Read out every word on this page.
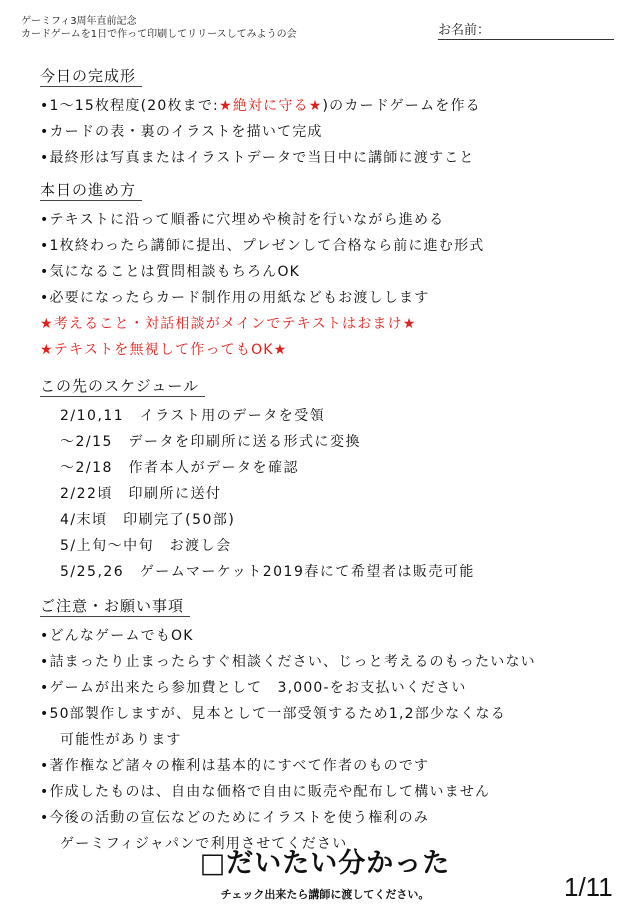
ゲーミフィ3周年直前記念
カードゲームを1日で作って印刷してリリースしてみようの会	お名前：
今日の完成形
•1〜15枚程度(20枚まで:★絶対に守る★)のカードゲームを作る
•カードの表・裏のイラストを描いて完成
•最終形は写真またはイラストデータで当日中に講師に渡すこと
本日の進め方
•テキストに沿って順番に穴埋めや検討を行いながら進める
•1枚終わったら講師に提出、プレゼンして合格なら前に進む形式
•気になることは質問相談もちろんOK
•必要になったらカード制作用の用紙などもお渡しします
★考えること・対話相談がメインでテキストはおまけ★
★テキストを無視して作ってもOK★
この先のスケジュール
2/10,11　イラスト用のデータを受領
〜2/15　データを印刷所に送る形式に変換
〜2/18　作者本人がデータを確認
2/22頃　印刷所に送付
4/末頃　印刷完了(50部)
5/上旬〜中旬　お渡し会
5/25,26　ゲームマーケット2019春にて希望者は販売可能
ご注意・お願い事項
•どんなゲームでもOK
•詰まったり止まったらすぐ相談ください、じっと考えるのもったいない
•ゲームが出来たら参加費として　3,000-をお支払いください
•50部製作しますが、見本として一部受領するため1,2部少なくなる
可能性があります
•著作権など諸々の権利は基本的にすべて作者のものです
•作成したものは、自由な価格で自由に販売や配布して構いません
•今後の活動の宣伝などのためにイラストを使う権利のみ
ゲーミフィジャパンで利用させてください
□だいたい分かった
チェック出来たら講師に渡してください。	1/11
